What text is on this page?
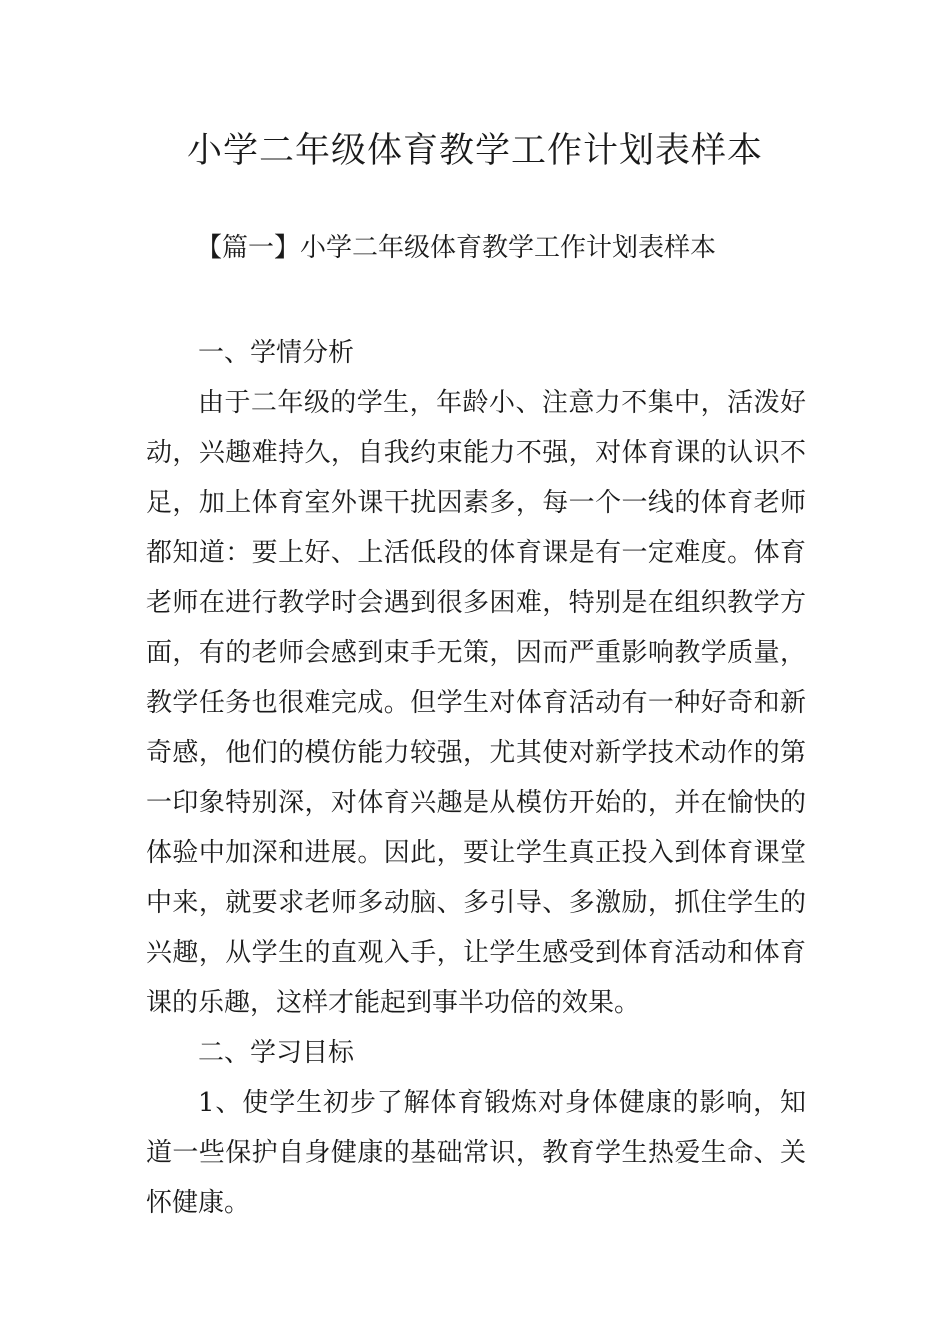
小学二年级体育教学工作计划表样本

【篇一】小学二年级体育教学工作计划表样本

一、学情分析

由于二年级的学生，年龄小、注意力不集中，活泼好动，兴趣难持久，自我约束能力不强，对体育课的认识不足，加上体育室外课干扰因素多，每一个一线的体育老师都知道：要上好、上活低段的体育课是有一定难度。体育老师在进行教学时会遇到很多困难，特别是在组织教学方面，有的老师会感到束手无策，因而严重影响教学质量，教学任务也很难完成。但学生对体育活动有一种好奇和新奇感，他们的模仿能力较强，尤其使对新学技术动作的第一印象特别深，对体育兴趣是从模仿开始的，并在愉快的体验中加深和进展。因此，要让学生真正投入到体育课堂中来，就要求老师多动脑、多引导、多激励，抓住学生的兴趣，从学生的直观入手，让学生感受到体育活动和体育课的乐趣，这样才能起到事半功倍的效果。

二、学习目标

1、使学生初步了解体育锻炼对身体健康的影响，知道一些保护自身健康的基础常识，教育学生热爱生命、关怀健康。
